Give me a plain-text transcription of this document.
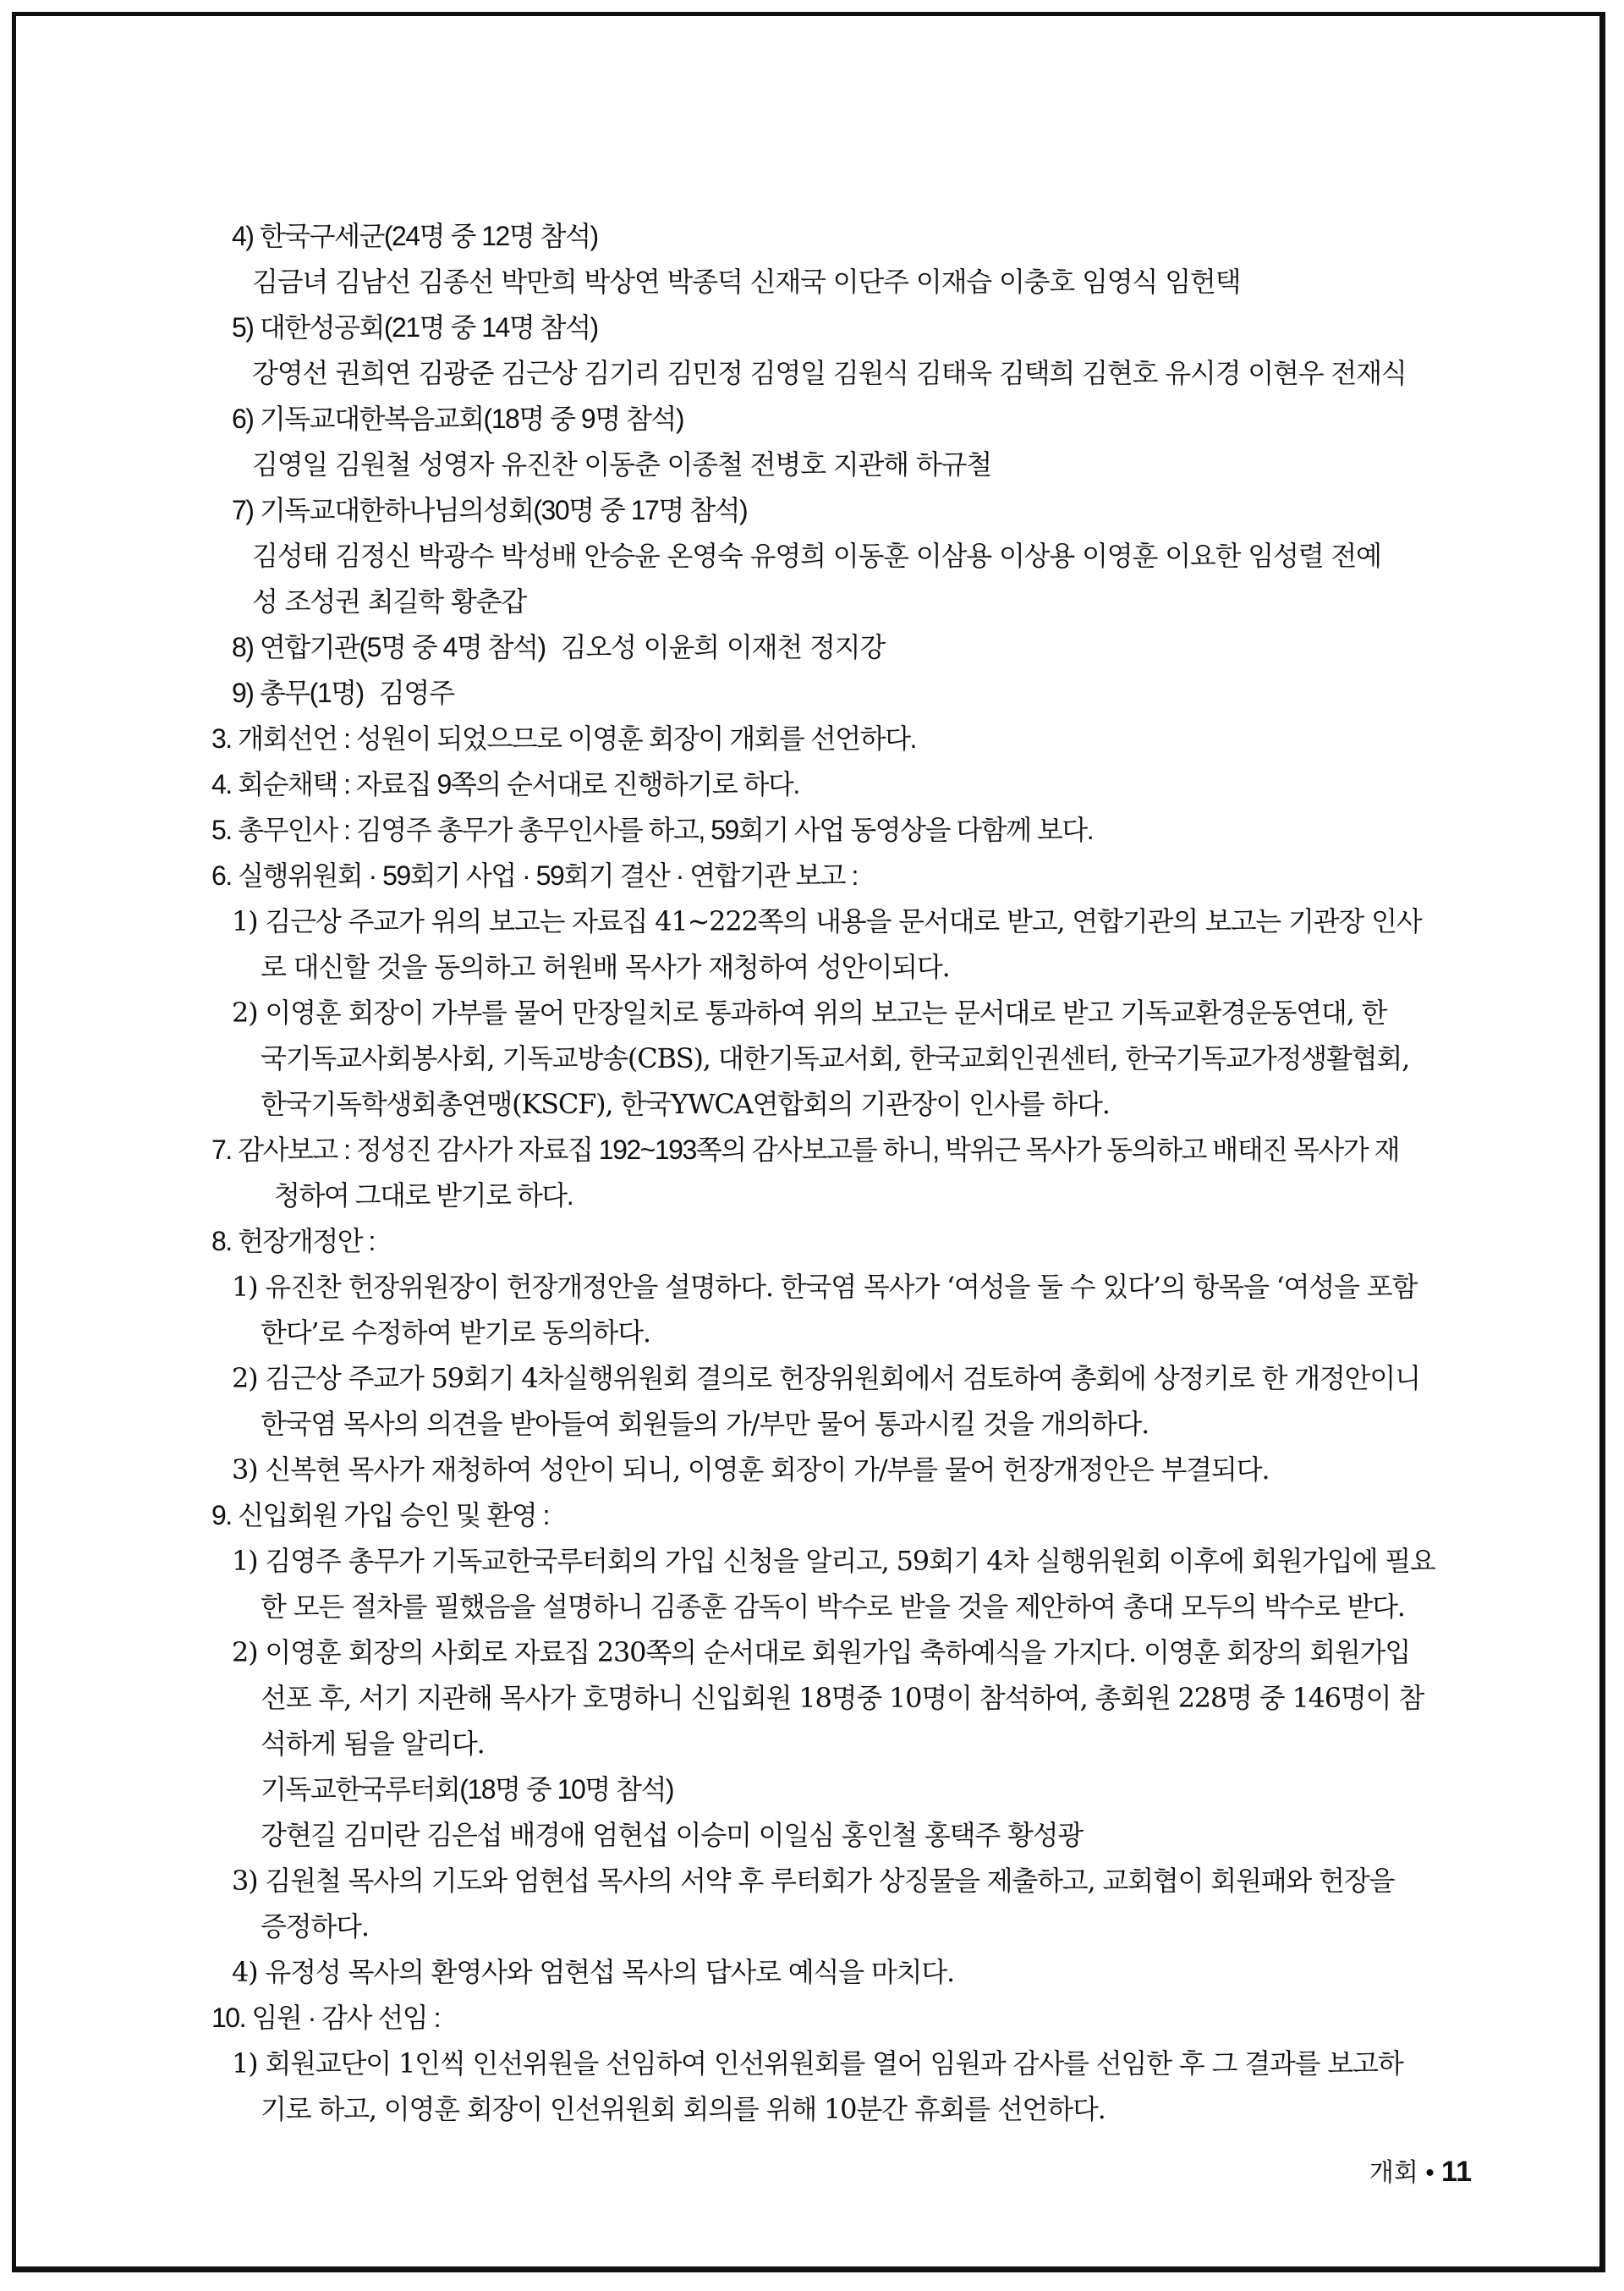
4) 한국구세군(24명 중 12명 참석)
김금녀 김남선 김종선 박만희 박상연 박종덕 신재국 이단주 이재습 이충호 임영식 임헌택
5) 대한성공회(21명 중 14명 참석)
강영선 권희연 김광준 김근상 김기리 김민정 김영일 김원식 김태욱 김택희 김현호 유시경 이현우 전재식
6) 기독교대한복음교회(18명 중 9명 참석)
김영일 김원철 성영자 유진찬 이동춘 이종철 전병호 지관해 하규철
7) 기독교대한하나님의성회(30명 중 17명 참석)
김성태 김정신 박광수 박성배 안승윤 온영숙 유영희 이동훈 이삼용 이상용 이영훈 이요한 임성렬 전예
성 조성권 최길학 황춘갑
8) 연합기관(5명 중 4명 참석) 김오성 이윤희 이재천 정지강
9) 총무(1명) 김영주
3. 개회선언 : 성원이 되었으므로 이영훈 회장이 개회를 선언하다.
4. 회순채택 : 자료집 9쪽의 순서대로 진행하기로 하다.
5. 총무인사 : 김영주 총무가 총무인사를 하고, 59회기 사업 동영상을 다함께 보다.
6. 실행위원회 · 59회기 사업 · 59회기 결산 · 연합기관 보고 :
1) 김근상 주교가 위의 보고는 자료집 41~222쪽의 내용을 문서대로 받고, 연합기관의 보고는 기관장 인사
로 대신할 것을 동의하고 허원배 목사가 재청하여 성안이되다.
2) 이영훈 회장이 가부를 물어 만장일치로 통과하여 위의 보고는 문서대로 받고 기독교환경운동연대, 한
국기독교사회봉사회, 기독교방송(CBS), 대한기독교서회, 한국교회인권센터, 한국기독교가정생활협회,
한국기독학생회총연맹(KSCF), 한국YWCA연합회의 기관장이 인사를 하다.
7. 감사보고 : 정성진 감사가 자료집 192~193쪽의 감사보고를 하니, 박위근 목사가 동의하고 배태진 목사가 재
청하여 그대로 받기로 하다.
8. 헌장개정안 :
1) 유진찬 헌장위원장이 헌장개정안을 설명하다. 한국염 목사가 ‘여성을 둘 수 있다’의 항목을 ‘여성을 포함
한다’로 수정하여 받기로 동의하다.
2) 김근상 주교가 59회기 4차실행위원회 결의로 헌장위원회에서 검토하여 총회에 상정키로 한 개정안이니
한국염 목사의 의견을 받아들여 회원들의 가/부만 물어 통과시킬 것을 개의하다.
3) 신복현 목사가 재청하여 성안이 되니, 이영훈 회장이 가/부를 물어 헌장개정안은 부결되다.
9. 신입회원 가입 승인 및 환영 :
1) 김영주 총무가 기독교한국루터회의 가입 신청을 알리고, 59회기 4차 실행위원회 이후에 회원가입에 필요
한 모든 절차를 필했음을 설명하니 김종훈 감독이 박수로 받을 것을 제안하여 총대 모두의 박수로 받다.
2) 이영훈 회장의 사회로 자료집 230쪽의 순서대로 회원가입 축하예식을 가지다. 이영훈 회장의 회원가입
선포 후, 서기 지관해 목사가 호명하니 신입회원 18명중 10명이 참석하여, 총회원 228명 중 146명이 참
석하게 됨을 알리다.
기독교한국루터회(18명 중 10명 참석)
강현길 김미란 김은섭 배경애 엄현섭 이승미 이일심 홍인철 홍택주 황성광
3) 김원철 목사의 기도와 엄현섭 목사의 서약 후 루터회가 상징물을 제출하고, 교회협이 회원패와 헌장을
증정하다.
4) 유정성 목사의 환영사와 엄현섭 목사의 답사로 예식을 마치다.
10. 임원 · 감사 선임 :
1) 회원교단이 1인씩 인선위원을 선임하여 인선위원회를 열어 임원과 감사를 선임한 후 그 결과를 보고하
기로 하고, 이영훈 회장이 인선위원회 회의를 위해 10분간 휴회를 선언하다.
개회 • 11
